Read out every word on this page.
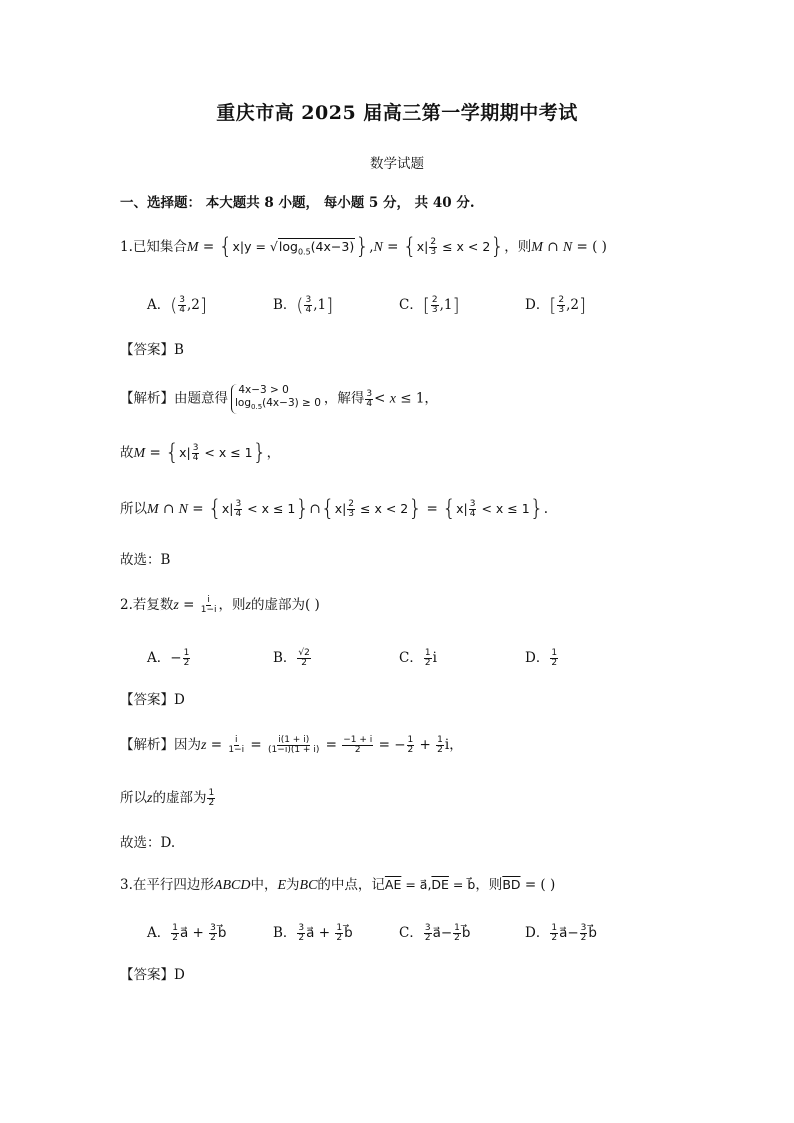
重庆市高 2025 届高三第一学期期中考试
数学试题
一、选择题： 本大题共 8 小题， 每小题 5 分， 共 40 分.
1.已知集合$M = \{x|y = √\log_{0.5}(4x-3)\},N = \{x| \frac{2}{3} \le x < 2\}$，则M ∩ N = ( )
A．( $\frac{3}{4} ,2$]	B．( $\frac{3}{4} ,1$]	C．[ $\frac{2}{3} ,1$]	D．[ $\frac{2}{3} ,2$]
【答案】B
【解析】由题意得
4x−3 > 0
$\log_{0.5}(4x-3) \ge 0$ ，解得 $\frac{3}{4} < x \le 1$，
故$M = \{x| \frac{3}{4} < x \le 1\}$，
所以M ∩ $N = \{x| \frac{3}{4} < x$ ≤ 1}∩{x| $\frac{2}{3} \le x < 2\} = \{x| \frac{3}{4} < x \le 1\}$.
故选：B
2.若复数$z = \frac{i}{1-i}$ ，则z的虚部为( )
A．− $\frac{1}{2}$	B． $\frac{√2}{2}$	C． $\frac{1}{2}$ i	D． $\frac{1}{2}$
【答案】D
【解析】因为$z = \frac{i}{1-i} = \frac{i(1 + i)}{(1-i)(1 + i)} = \frac{-1 + i}{2}$ = − $\frac{1}{2} + \frac{1}{2}$ i，
所以z的虚部为 $\frac{1}{2}$
故选：D.
3.在平行四边形ABCD中，E为BC的中点，记$\overline{AE}$ = $a⃗,\overline{DE}$ = b⃗，则$\overline{BD}$ = ( )
A． $\frac{1}{2}$ a⃗ + $\frac{3}{2}$ b⃗	B． $\frac{3}{2}$ a⃗ + $\frac{1}{2}$ b⃗	C． $\frac{3}{2}$ a⃗− $\frac{1}{2}$ b⃗	D． $\frac{1}{2}$ a⃗− $\frac{3}{2}$ b⃗
【答案】D
